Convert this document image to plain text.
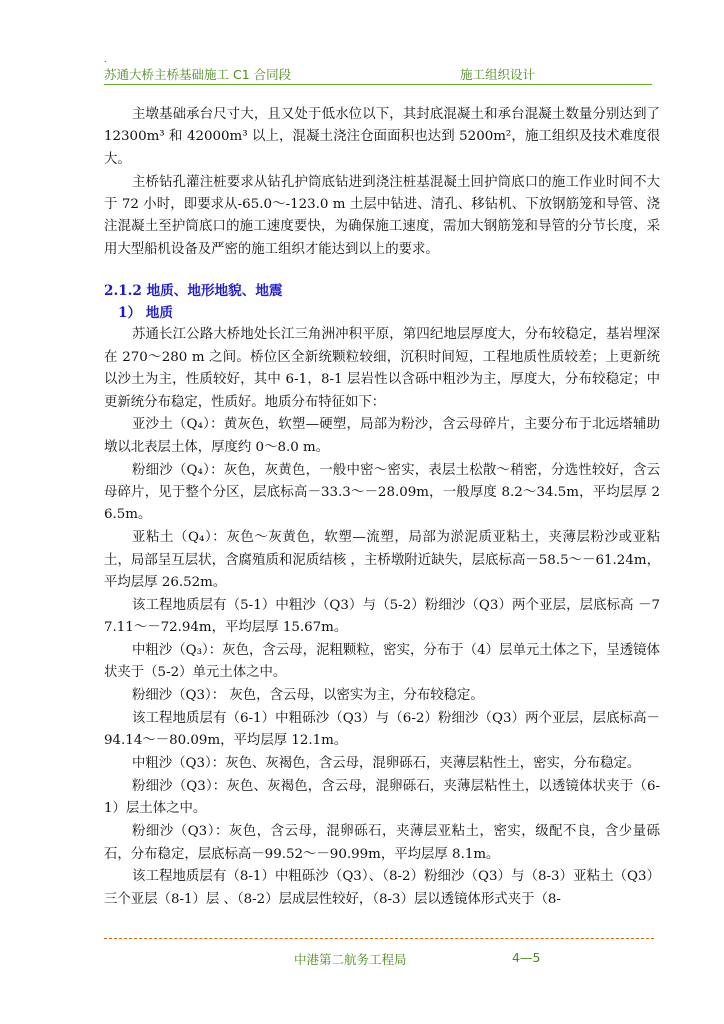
.
苏通大桥主桥基础施工 C1 合同段	施工组织设计

主墩基础承台尺寸大，且又处于低水位以下，其封底混凝土和承台混凝土数量分别达到了 12300m³ 和 42000m³ 以上，混凝土浇注仓面面积也达到 5200m²，施工组织及技术难度很大。

主桥钻孔灌注桩要求从钻孔护筒底钻进到浇注桩基混凝土回护筒底口的施工作业时间不大于 72 小时，即要求从-65.0～-123.0 m 土层中钻进、清孔、移钻机、下放钢筋笼和导管、浇注混凝土至护筒底口的施工速度要快，为确保施工速度，需加大钢筋笼和导管的分节长度，采用大型船机设备及严密的施工组织才能达到以上的要求。

2.1.2 地质、地形地貌、地震

1） 地质

苏通长江公路大桥地处长江三角洲冲积平原，第四纪地层厚度大，分布较稳定，基岩埋深在 270～280 m 之间。桥位区全新统颗粒较细，沉积时间短，工程地质性质较差；上更新统以沙土为主，性质较好，其中 6-1，8-1 层岩性以含砾中粗沙为主，厚度大，分布较稳定；中更新统分布稳定，性质好。地质分布特征如下：

亚沙土（Q₄）：黄灰色，软塑—硬塑，局部为粉沙，含云母碎片，主要分布于北远塔辅助墩以北表层土体，厚度约 0～8.0 m。

粉细沙（Q₄）：灰色，灰黄色，一般中密～密实，表层土松散～稍密，分选性较好，含云母碎片，见于整个分区，层底标高－33.3～－28.09m，一般厚度 8.2～34.5m，平均层厚 26.5m。

亚粘土（Q₄）：灰色～灰黄色，软塑—流塑，局部为淤泥质亚粘土，夹薄层粉沙或亚粘土，局部呈互层状，含腐殖质和泥质结核 ，主桥墩附近缺失，层底标高－58.5～－61.24m，平均层厚 26.52m。

该工程地质层有（5-1）中粗沙（Q3）与（5-2）粉细沙（Q3）两个亚层，层底标高 －77.11～－72.94m，平均层厚 15.67m。

中粗沙（Q₃）：灰色，含云母，泥粗颗粒，密实，分布于（4）层单元土体之下，呈透镜体状夹于（5-2）单元土体之中。

粉细沙（Q3）： 灰色，含云母，以密实为主，分布较稳定。

该工程地质层有（6-1）中粗砾沙（Q3）与（6-2）粉细沙（Q3）两个亚层，层底标高－94.14～－80.09m，平均层厚 12.1m。

中粗沙（Q3）：灰色、灰褐色，含云母，混卵砾石，夹薄层粘性土，密实，分布稳定。

粉细沙（Q3）：灰色、灰褐色，含云母，混卵砾石，夹薄层粘性土，以透镜体状夹于（6-1）层土体之中。

粉细沙（Q3）：灰色，含云母，混卵砾石，夹薄层亚粘土，密实，级配不良，含少量砾石，分布稳定，层底标高－99.52～－90.99m，平均层厚 8.1m。

该工程地质层有（8-1）中粗砾沙（Q3）、（8-2）粉细沙（Q3）与（8-3）亚粘土（Q3）三个亚层（8-1）层 、（8-2）层成层性较好，（8-3）层以透镜体形式夹于（8-

中港第二航务工程局	4—5
